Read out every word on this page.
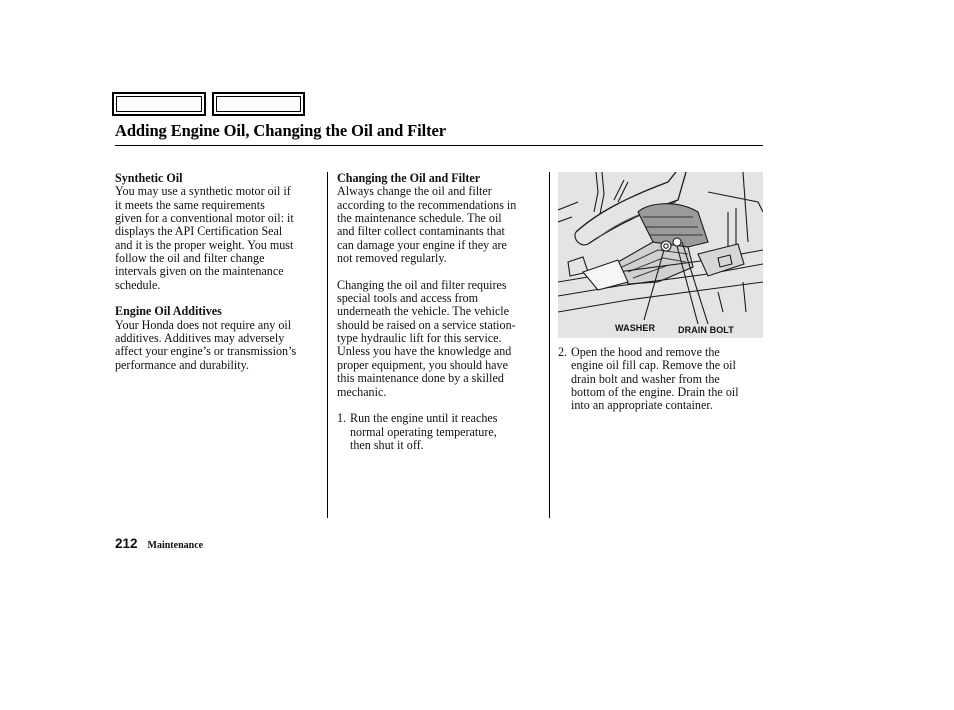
Adding Engine Oil, Changing the Oil and Filter
Synthetic Oil

You may use a synthetic motor oil if
it meets the same requirements
given for a conventional motor oil: it
displays the API Certification Seal
and it is the proper weight. You must
follow the oil and filter change
intervals given on the maintenance
schedule.

Engine Oil Additives

Your Honda does not require any oil
additives. Additives may adversely
affect your engine’s or transmission’s
performance and durability.

Changing the Oil and Filter

Always change the oil and filter
according to the recommendations in
the maintenance schedule. The oil
and filter collect contaminants that
can damage your engine if they are
not removed regularly.

Changing the oil and filter requires
special tools and access from
underneath the vehicle. The vehicle
should be raised on a service station-
type hydraulic lift for this service.
Unless you have the knowledge and
proper equipment, you should have
this maintenance done by a skilled
mechanic.

1. Run the engine until it reaches
normal operating temperature,
then shut it off.
WASHER	DRAIN BOLT
2. Open the hood and remove the
engine oil fill cap. Remove the oil
drain bolt and washer from the
bottom of the engine. Drain the oil
into an appropriate container.
212 Maintenance
